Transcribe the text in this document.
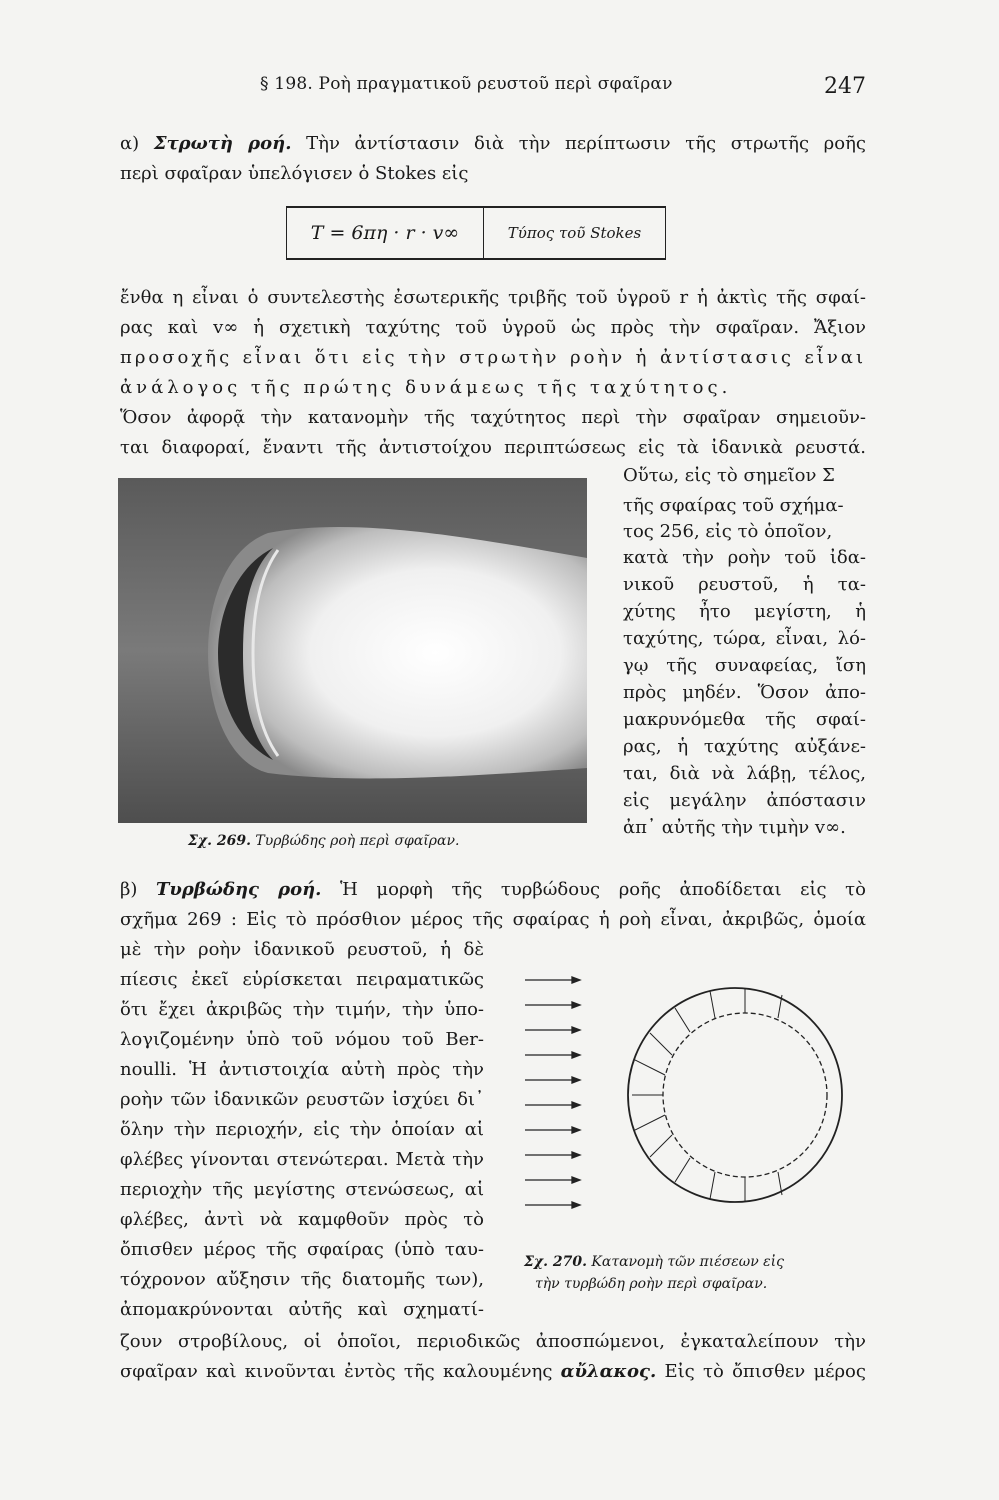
§ 198. Ροὴ πραγματικοῦ ρευστοῦ περὶ σφαῖραν	247
α) Στρωτὴ ροή. Τὴν ἀντίστασιν διὰ τὴν περίπτωσιν τῆς στρωτῆς ροῆς
περὶ σφαῖραν ὑπελόγισεν ὁ Stokes εἰς
T = 6πη · r · v∞	Τύπος τοῦ Stokes
ἔνθα η εἶναι ὁ συντελεστὴς ἐσωτερικῆς τριβῆς τοῦ ὑγροῦ r ἡ ἀκτὶς τῆς σφαί-
ρας καὶ v∞ ἡ σχετικὴ ταχύτης τοῦ ὑγροῦ ὡς πρὸς τὴν σφαῖραν. Ἄξιον
προσοχῆς εἶναι ὅτι εἰς τὴν στρωτὴν ροὴν ἡ ἀντίστασις εἶναι
ἀνάλογος τῆς πρώτης δυνάμεως τῆς ταχύτητος.
Ὅσον ἀφορᾷ τὴν κατανομὴν τῆς ταχύτητος περὶ τὴν σφαῖραν σημειοῦν-
ται διαφοραί, ἔναντι τῆς ἀντιστοίχου περιπτώσεως εἰς τὰ ἰδανικὰ ρευστά.
Σχ. 269. Τυρβώδης ροὴ περὶ σφαῖραν.
Οὕτω, εἰς τὸ σημεῖον Σ
τῆς σφαίρας τοῦ σχήμα-
τος 256, εἰς τὸ ὁποῖον,
κατὰ τὴν ροὴν τοῦ ἰδα-
νικοῦ ρευστοῦ, ἡ τα-
χύτης ἦτο μεγίστη, ἡ
ταχύτης, τώρα, εἶναι, λό-
γῳ τῆς συναφείας, ἴση
πρὸς μηδέν. Ὅσον ἀπο-
μακρυνόμεθα τῆς σφαί-
ρας, ἡ ταχύτης αὐξάνε-
ται, διὰ νὰ λάβῃ, τέλος,
εἰς μεγάλην ἀπόστασιν
ἀπ᾽ αὐτῆς τὴν τιμὴν v∞.
β) Τυρβώδης ροή. Ἡ μορφὴ τῆς τυρβώδους ροῆς ἀποδίδεται εἰς τὸ
σχῆμα 269 : Εἰς τὸ πρόσθιον μέρος τῆς σφαίρας ἡ ροὴ εἶναι, ἀκριβῶς, ὁμοία
μὲ τὴν ροὴν ἰδανικοῦ ρευστοῦ, ἡ δὲ
πίεσις ἐκεῖ εὑρίσκεται πειραματικῶς
ὅτι ἔχει ἀκριβῶς τὴν τιμήν, τὴν ὑπο-
λογιζομένην ὑπὸ τοῦ νόμου τοῦ Ber-
noulli. Ἡ ἀντιστοιχία αὐτὴ πρὸς τὴν
ροὴν τῶν ἰδανικῶν ρευστῶν ἰσχύει δι᾽
ὅλην τὴν περιοχήν, εἰς τὴν ὁποίαν αἱ
φλέβες γίνονται στενώτεραι. Μετὰ τὴν
περιοχὴν τῆς μεγίστης στενώσεως, αἱ
φλέβες, ἀντὶ νὰ καμφθοῦν πρὸς τὸ
ὄπισθεν μέρος τῆς σφαίρας (ὑπὸ ταυ-
τόχρονον αὔξησιν τῆς διατομῆς των),
ἀπομακρύνονται αὐτῆς καὶ σχηματί-
Σχ. 270. Κατανομὴ τῶν πιέσεων εἰς
τὴν τυρβώδη ροὴν περὶ σφαῖραν.
ζουν στροβίλους, οἱ ὁποῖοι, περιοδικῶς ἀποσπώμενοι, ἐγκαταλείπουν τὴν
σφαῖραν καὶ κινοῦνται ἐντὸς τῆς καλουμένης αὔλακος. Εἰς τὸ ὄπισθεν μέρος
